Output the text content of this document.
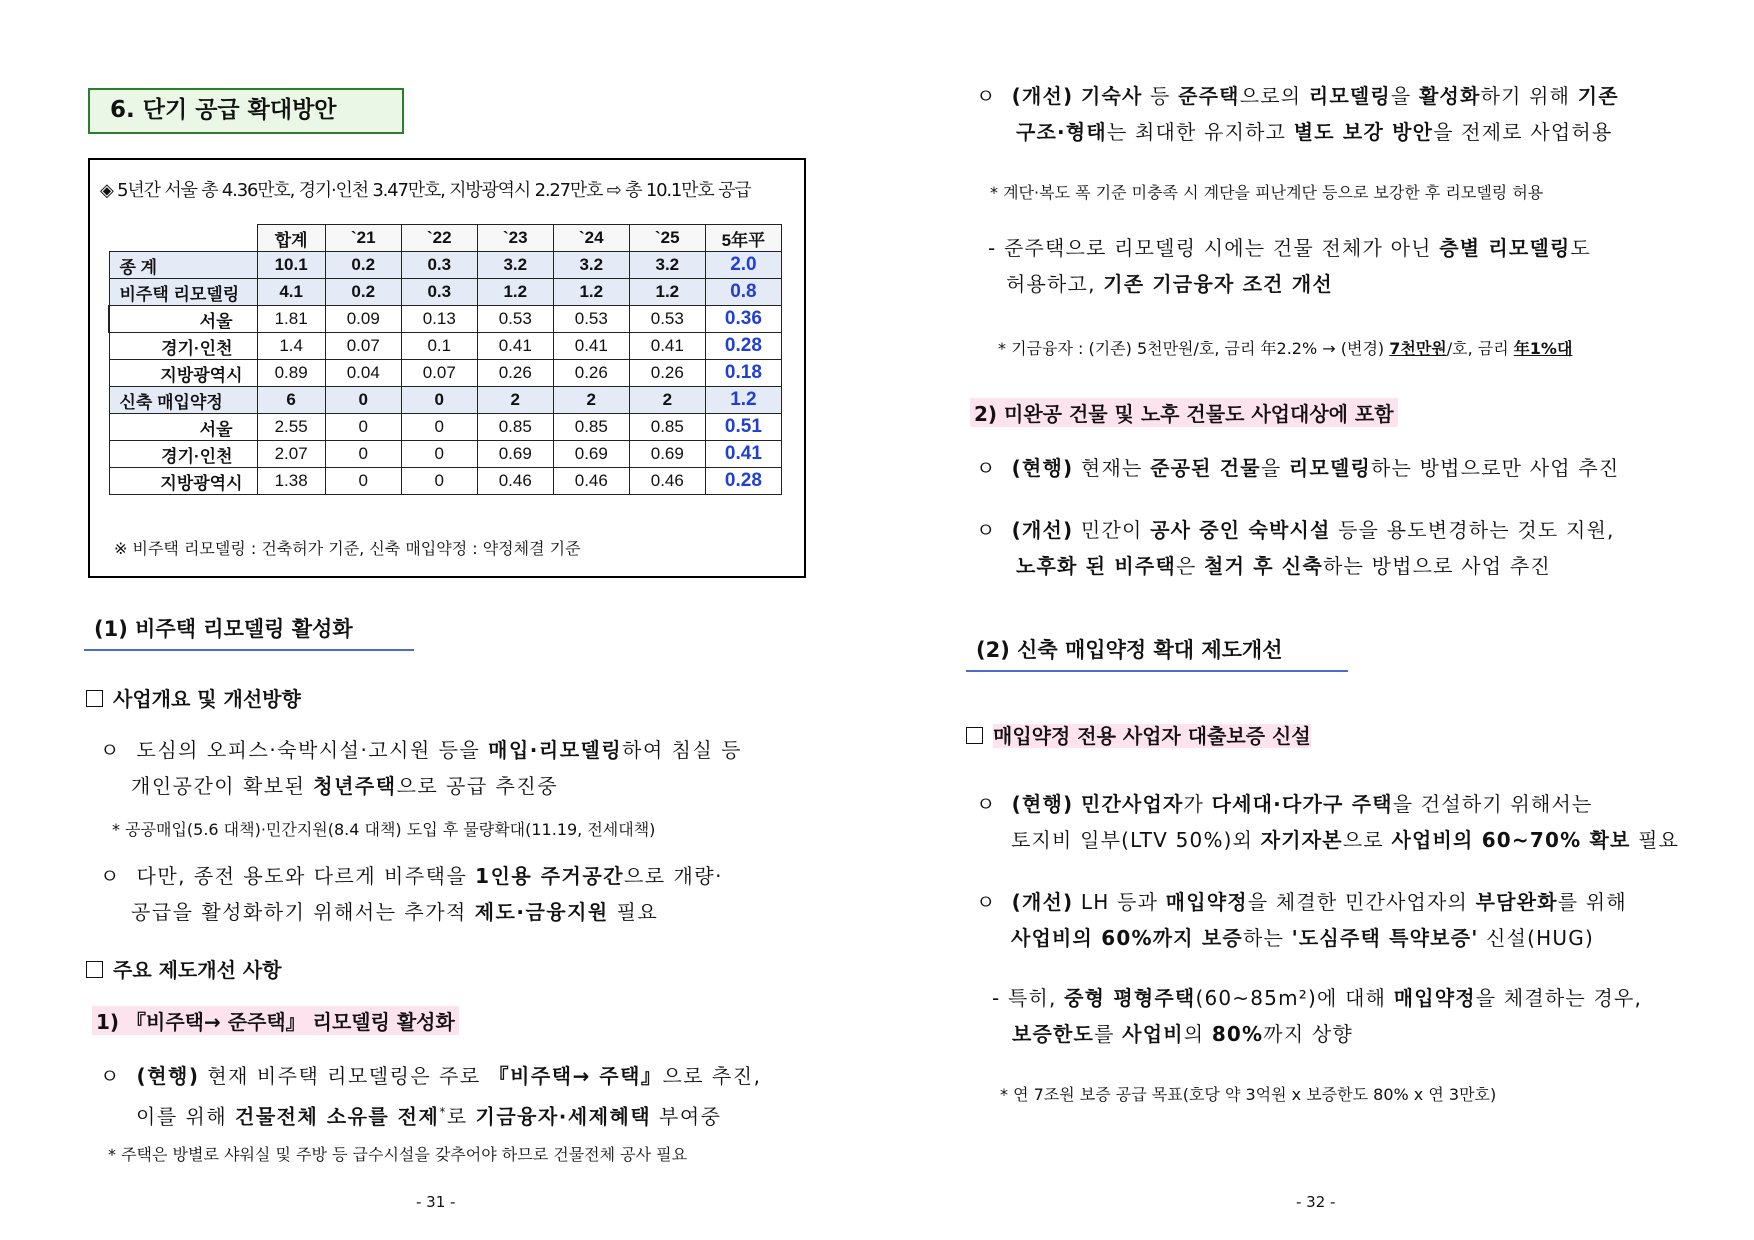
6. 단기 공급 확대방안
◈ 5년간 서울 총 4.36만호, 경기·인천 3.47만호, 지방광역시 2.27만호 ⇨ 총 10.1만호 공급
	합계	`21	`22	`23	`24	`25	5年平
종 계	10.1	0.2	0.3	3.2	3.2	3.2	2.0
비주택 리모델링	4.1	0.2	0.3	1.2	1.2	1.2	0.8
서울	1.81	0.09	0.13	0.53	0.53	0.53	0.36
경기·인천	1.4	0.07	0.1	0.41	0.41	0.41	0.28
지방광역시	0.89	0.04	0.07	0.26	0.26	0.26	0.18
신축 매입약정	6	0	0	2	2	2	1.2
서울	2.55	0	0	0.85	0.85	0.85	0.51
경기·인천	2.07	0	0	0.69	0.69	0.69	0.41
지방광역시	1.38	0	0	0.46	0.46	0.46	0.28
※ 비주택 리모델링 : 건축허가 기준, 신축 매입약정 : 약정체결 기준
(1) 비주택 리모델링 활성화
사업개요 및 개선방향
ㅇ  도심의 오피스·숙박시설·고시원 등을 매입·리모델링하여 침실 등
개인공간이 확보된 청년주택으로 공급 추진중
* 공공매입(5.6 대책)·민간지원(8.4 대책) 도입 후 물량확대(11.19, 전세대책)
ㅇ  다만, 종전 용도와 다르게 비주택을 1인용 주거공간으로 개량·
공급을 활성화하기 위해서는 추가적 제도·금융지원 필요
주요 제도개선 사항
1) 『비주택→ 준주택』 리모델링 활성화
ㅇ  (현행) 현재 비주택 리모델링은 주로 『비주택→ 주택』으로 추진,
이를 위해 건물전체 소유를 전제*로 기금융자·세제혜택 부여중
* 주택은 방별로 샤워실 및 주방 등 급수시설을 갖추어야 하므로 건물전체 공사 필요
- 31 -
ㅇ  (개선) 기숙사 등 준주택으로의 리모델링을 활성화하기 위해 기존
구조·형태는 최대한 유지하고 별도 보강 방안을 전제로 사업허용
* 계단·복도 폭 기준 미충족 시 계단을 피난계단 등으로 보강한 후 리모델링 허용
- 준주택으로 리모델링 시에는 건물 전체가 아닌 층별 리모델링도
허용하고, 기존 기금융자 조건 개선
* 기금융자 : (기존) 5천만원/호, 금리 年2.2% → (변경) 7천만원/호, 금리 年1%대
2) 미완공 건물 및 노후 건물도 사업대상에 포함
ㅇ  (현행) 현재는 준공된 건물을 리모델링하는 방법으로만 사업 추진
ㅇ  (개선) 민간이 공사 중인 숙박시설 등을 용도변경하는 것도 지원,
노후화 된 비주택은 철거 후 신축하는 방법으로 사업 추진
(2) 신축 매입약정 확대 제도개선
매입약정 전용 사업자 대출보증 신설
ㅇ  (현행) 민간사업자가 다세대·다가구 주택을 건설하기 위해서는
토지비 일부(LTV 50%)외 자기자본으로 사업비의 60~70% 확보 필요
ㅇ  (개선) LH 등과 매입약정을 체결한 민간사업자의 부담완화를 위해
사업비의 60%까지 보증하는 '도심주택 특약보증' 신설(HUG)
- 특히, 중형 평형주택(60~85m²)에 대해 매입약정을 체결하는 경우,
보증한도를 사업비의 80%까지 상향
* 연 7조원 보증 공급 목표(호당 약 3억원 x 보증한도 80% x 연 3만호)
- 32 -
